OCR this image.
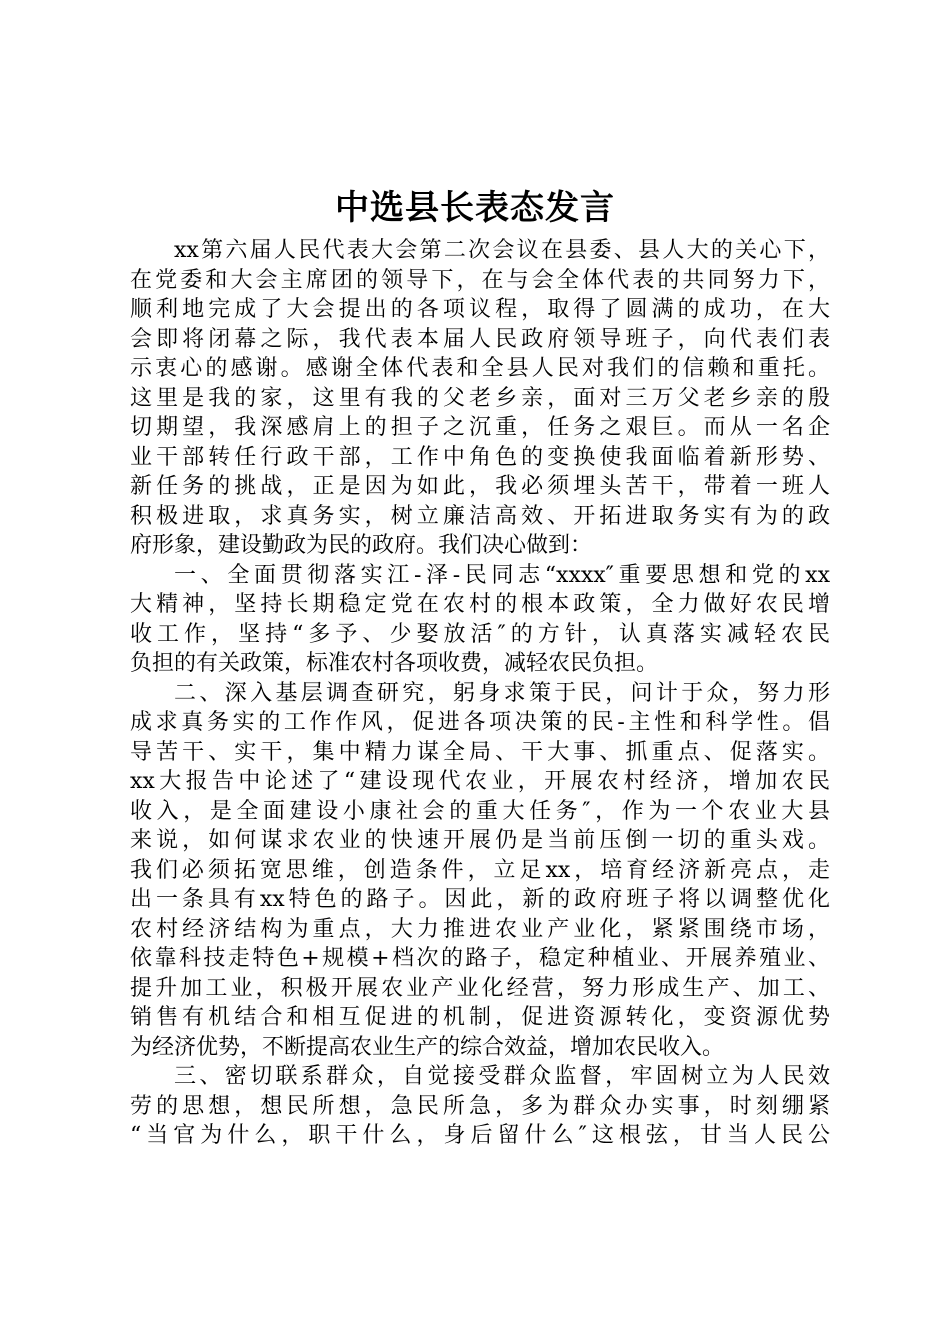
中选县长表态发言
xx第六届人民代表大会第二次会议在县委、县人大的关心下，
在党委和大会主席团的领导下，在与会全体代表的共同努力下，
顺利地完成了大会提出的各项议程，取得了圆满的成功，在大
会即将闭幕之际，我代表本届人民政府领导班子，向代表们表
示衷心的感谢。感谢全体代表和全县人民对我们的信赖和重托。
这里是我的家，这里有我的父老乡亲，面对三万父老乡亲的殷
切期望，我深感肩上的担子之沉重，任务之艰巨。而从一名企
业干部转任行政干部，工作中角色的变换使我面临着新形势、
新任务的挑战，正是因为如此，我必须埋头苦干，带着一班人
积极进取，求真务实，树立廉洁高效、开拓进取务实有为的政
府形象，建设勤政为民的政府。我们决心做到：
一、全面贯彻落实江-泽-民同志“xxxx″重要思想和党的xx
大精神，坚持长期稳定党在农村的根本政策，全力做好农民增
收工作，坚持“多予、少娶放活″的方针，认真落实减轻农民
负担的有关政策，标准农村各项收费，减轻农民负担。
二、深入基层调查研究，躬身求策于民，问计于众，努力形
成求真务实的工作作风，促进各项决策的民-主性和科学性。倡
导苦干、实干，集中精力谋全局、干大事、抓重点、促落实。
xx大报告中论述了“建设现代农业，开展农村经济，增加农民
收入，是全面建设小康社会的重大任务″，作为一个农业大县
来说，如何谋求农业的快速开展仍是当前压倒一切的重头戏。
我们必须拓宽思维，创造条件，立足xx，培育经济新亮点，走
出一条具有xx特色的路子。因此，新的政府班子将以调整优化
农村经济结构为重点，大力推进农业产业化，紧紧围绕市场，
依靠科技走特色+规模+档次的路子，稳定种植业、开展养殖业、
提升加工业，积极开展农业产业化经营，努力形成生产、加工、
销售有机结合和相互促进的机制，促进资源转化，变资源优势
为经济优势，不断提高农业生产的综合效益，增加农民收入。
三、密切联系群众，自觉接受群众监督，牢固树立为人民效
劳的思想，想民所想，急民所急，多为群众办实事，时刻绷紧
“当官为什么，职干什么，身后留什么″这根弦，甘当人民公
